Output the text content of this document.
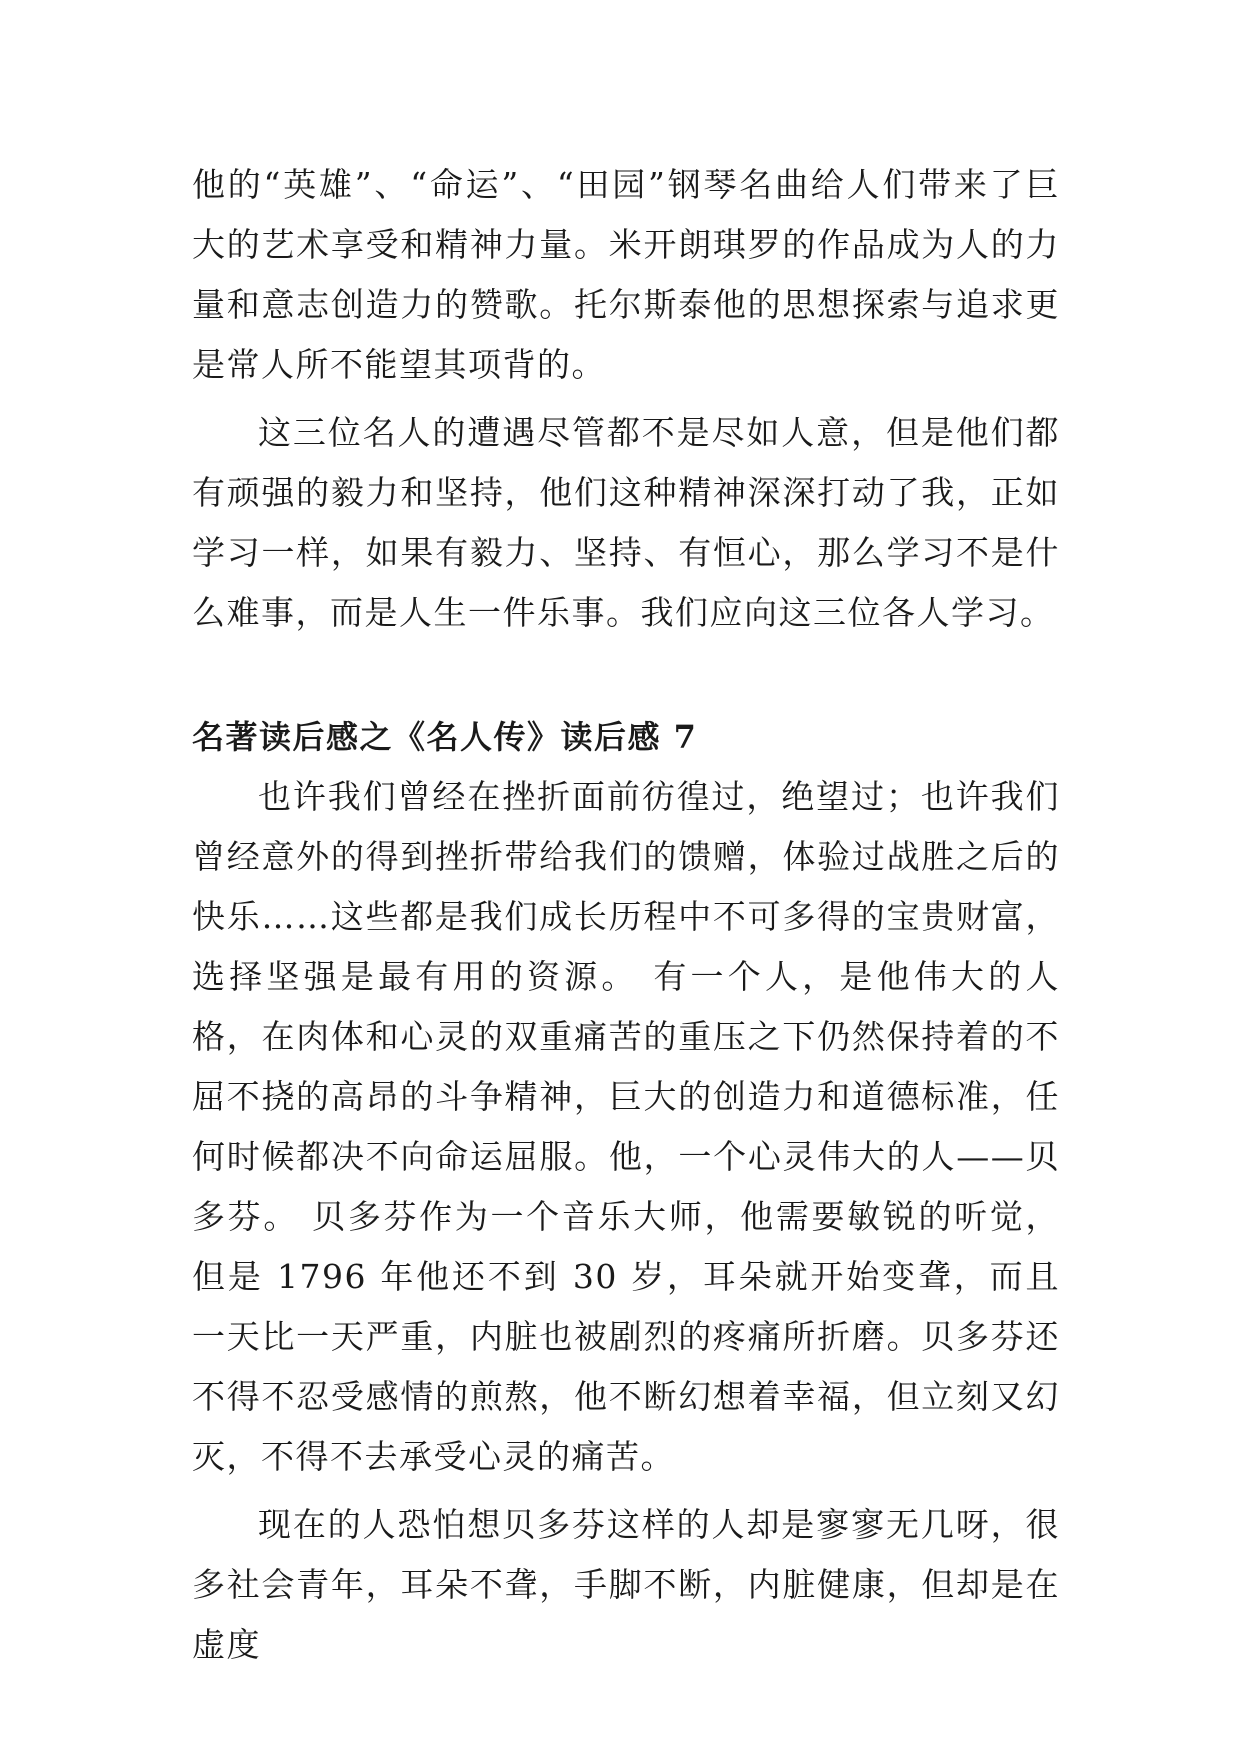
他的“英雄”、“命运”、“田园”钢琴名曲给人们带来了巨大的艺术享受和精神力量。米开朗琪罗的作品成为人的力量和意志创造力的赞歌。托尔斯泰他的思想探索与追求更是常人所不能望其项背的。

这三位名人的遭遇尽管都不是尽如人意，但是他们都有顽强的毅力和坚持，他们这种精神深深打动了我，正如学习一样，如果有毅力、坚持、有恒心，那么学习不是什么难事，而是人生一件乐事。我们应向这三位各人学习。

名著读后感之《名人传》读后感 7

也许我们曾经在挫折面前彷徨过，绝望过；也许我们曾经意外的得到挫折带给我们的馈赠，体验过战胜之后的快乐……这些都是我们成长历程中不可多得的宝贵财富，选择坚强是最有用的资源。 有一个人，是他伟大的人格，在肉体和心灵的双重痛苦的重压之下仍然保持着的不屈不挠的高昂的斗争精神，巨大的创造力和道德标准，任何时候都决不向命运屈服。他，一个心灵伟大的人——贝多芬。 贝多芬作为一个音乐大师，他需要敏锐的听觉，但是 1796 年他还不到 30 岁，耳朵就开始变聋，而且一天比一天严重，内脏也被剧烈的疼痛所折磨。贝多芬还不得不忍受感情的煎熬，他不断幻想着幸福，但立刻又幻灭，不得不去承受心灵的痛苦。

现在的人恐怕想贝多芬这样的人却是寥寥无几呀，很多社会青年，耳朵不聋，手脚不断，内脏健康，但却是在虚度
